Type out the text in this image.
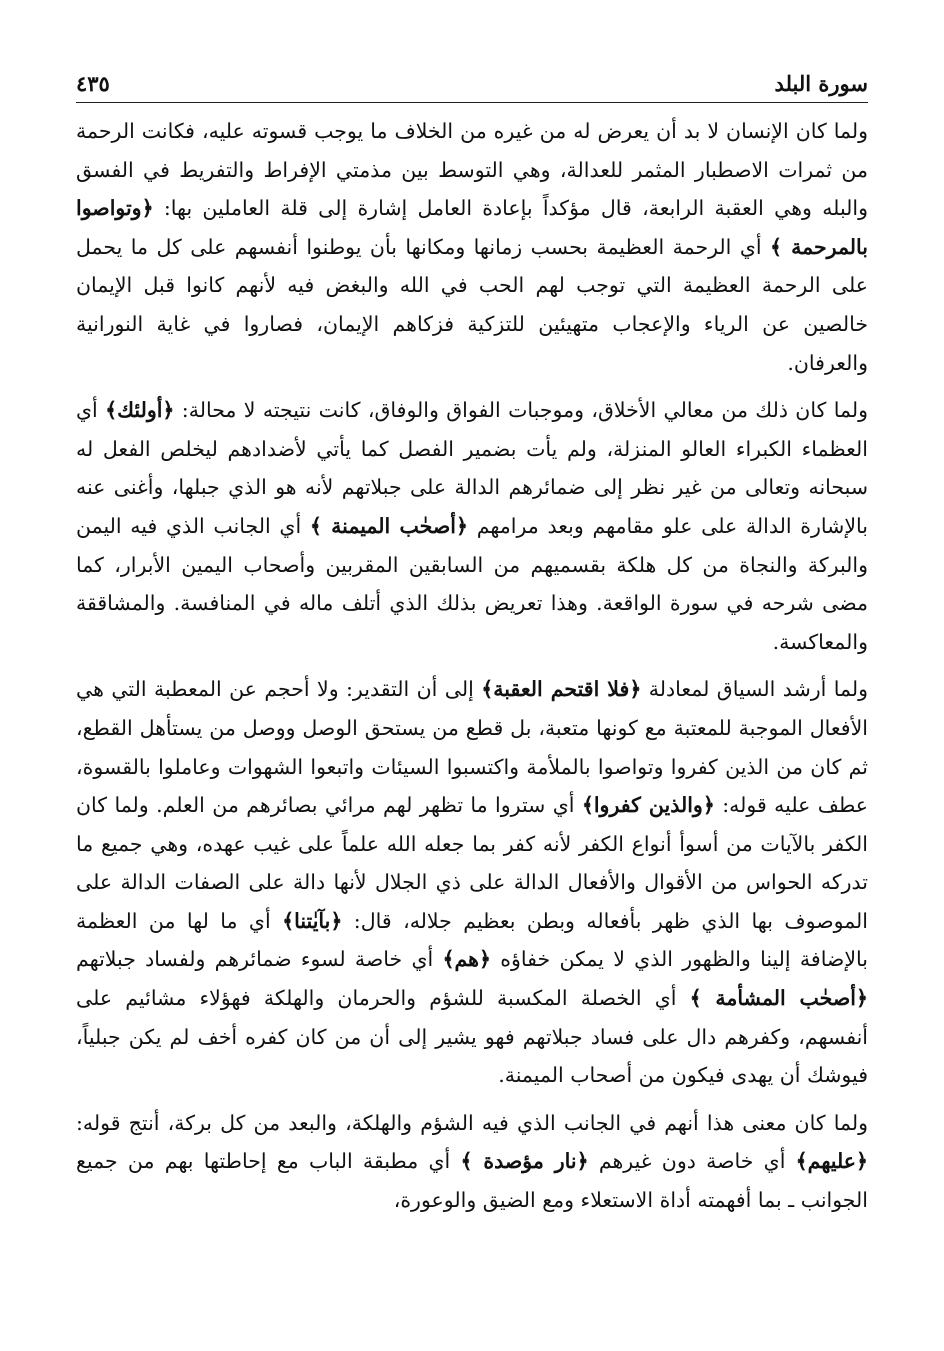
٤٣٥	سورة البلد

ولما كان الإنسان لا بد أن يعرض له من غيره من الخلاف ما يوجب قسوته عليه، فكانت الرحمة من ثمرات الاصطبار المثمر للعدالة، وهي التوسط بين مذمتي الإفراط والتفريط في الفسق والبله وهي العقبة الرابعة، قال مؤكداً بإعادة العامل إشارة إلى قلة العاملين بها: ﴿وتواصوا بالمرحمة ﴾ أي الرحمة العظيمة بحسب زمانها ومكانها بأن يوطنوا أنفسهم على كل ما يحمل على الرحمة العظيمة التي توجب لهم الحب في الله والبغض فيه لأنهم كانوا قبل الإيمان خالصين عن الرياء والإعجاب متهيئين للتزكية فزكاهم الإيمان، فصاروا في غاية النورانية والعرفان.

ولما كان ذلك من معالي الأخلاق، وموجبات الفواق والوفاق، كانت نتيجته لا محالة: ﴿أولئك﴾ أي العظماء الكبراء العالو المنزلة، ولم يأت بضمير الفصل كما يأتي لأضدادهم ليخلص الفعل له سبحانه وتعالى من غير نظر إلى ضمائرهم الدالة على جبلاتهم لأنه هو الذي جبلها، وأغنى عنه بالإشارة الدالة على علو مقامهم وبعد مرامهم ﴿أصحٰب الميمنة ﴾ أي الجانب الذي فيه اليمن والبركة والنجاة من كل هلكة بقسميهم من السابقين المقربين وأصحاب اليمين الأبرار، كما مضى شرحه في سورة الواقعة. وهذا تعريض بذلك الذي أتلف ماله في المنافسة. والمشاققة والمعاكسة.

ولما أرشد السياق لمعادلة ﴿فلا اقتحم العقبة﴾ إلى أن التقدير: ولا أحجم عن المعطبة التي هي الأفعال الموجبة للمعتبة مع كونها متعبة، بل قطع من يستحق الوصل ووصل من يستأهل القطع، ثم كان من الذين كفروا وتواصوا بالملأمة واكتسبوا السيئات واتبعوا الشهوات وعاملوا بالقسوة، عطف عليه قوله: ﴿والذين كفروا﴾ أي ستروا ما تظهر لهم مرائي بصائرهم من العلم. ولما كان الكفر بالآيات من أسوأ أنواع الكفر لأنه كفر بما جعله الله علماً على غيب عهده، وهي جميع ما تدركه الحواس من الأقوال والأفعال الدالة على ذي الجلال لأنها دالة على الصفات الدالة على الموصوف بها الذي ظهر بأفعاله وبطن بعظيم جلاله، قال: ﴿بآيٰتنا﴾ أي ما لها من العظمة بالإضافة إلينا والظهور الذي لا يمكن خفاؤه ﴿هم﴾ أي خاصة لسوء ضمائرهم ولفساد جبلاتهم ﴿أصحٰب المشأمة ﴾ أي الخصلة المكسبة للشؤم والحرمان والهلكة فهؤلاء مشائيم على أنفسهم، وكفرهم دال على فساد جبلاتهم فهو يشير إلى أن من كان كفره أخف لم يكن جبلياً، فيوشك أن يهدى فيكون من أصحاب الميمنة.

ولما كان معنى هذا أنهم في الجانب الذي فيه الشؤم والهلكة، والبعد من كل بركة، أنتج قوله: ﴿عليهم﴾ أي خاصة دون غيرهم ﴿نار مؤصدة ﴾ أي مطبقة الباب مع إحاطتها بهم من جميع الجوانب ـ بما أفهمته أداة الاستعلاء ومع الضيق والوعورة،
